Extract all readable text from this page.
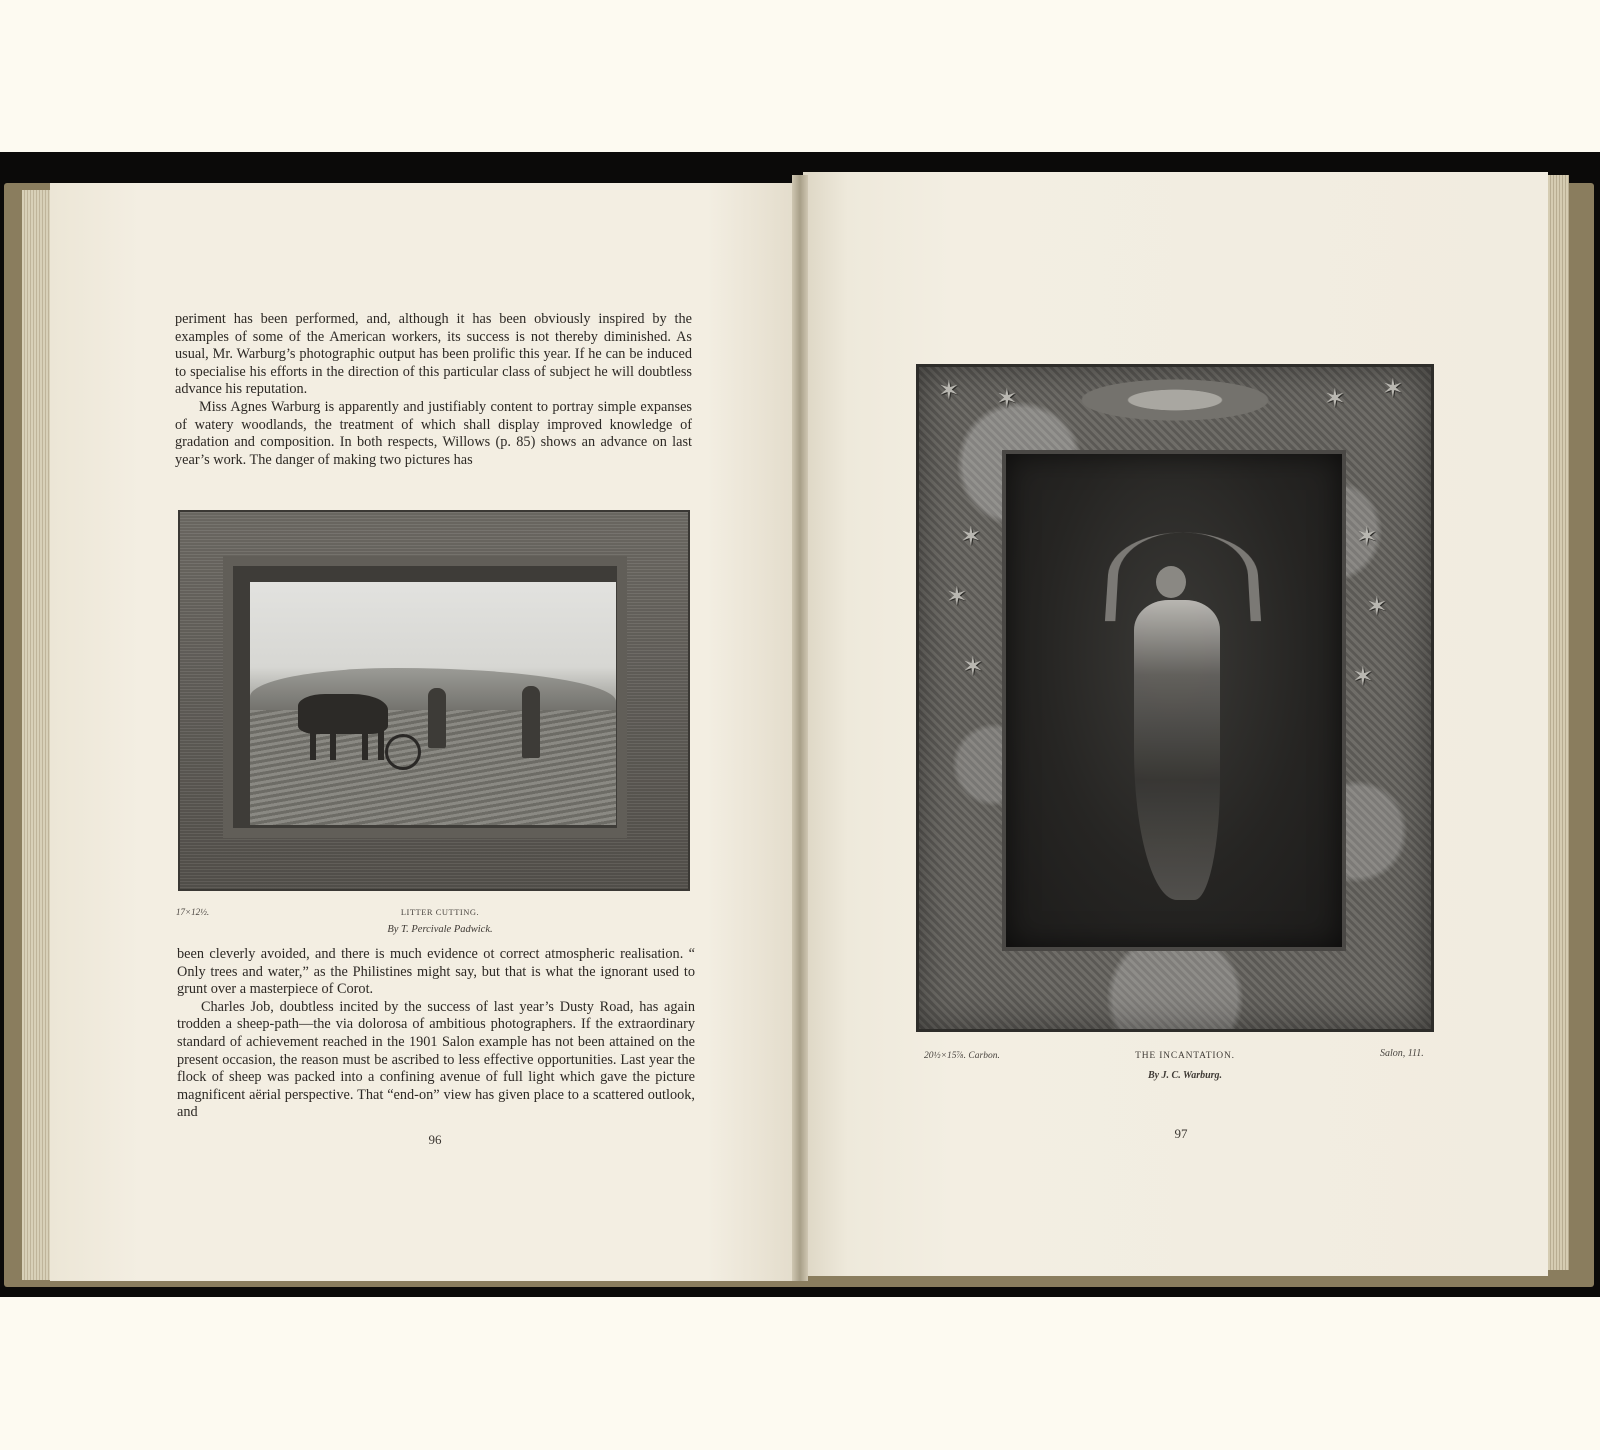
periment has been performed, and, although it has been obviously inspired by the examples of some of the American workers, its success is not thereby diminished. As usual, Mr. Warburg’s photographic output has been prolific this year. If he can be induced to specialise his efforts in the direction of this particular class of subject he will doubtless advance his reputation.

Miss Agnes Warburg is apparently and justifiably content to portray simple expanses of watery woodlands, the treatment of which shall display improved knowledge of gradation and composition. In both respects, Willows (p. 85) shows an advance on last year’s work. The danger of making two pictures has

17×12½.	LITTER CUTTING.
By T. Percivale Padwick.

been cleverly avoided, and there is much evidence ot correct atmospheric realisation. “ Only trees and water,” as the Philistines might say, but that is what the ignorant used to grunt over a masterpiece of Corot.

Charles Job, doubtless incited by the success of last year’s Dusty Road, has again trodden a sheep-path—the via dolorosa of ambitious photographers. If the extraordinary standard of achievement reached in the 1901 Salon example has not been attained on the present occasion, the reason must be ascribed to less effective opportunities. Last year the flock of sheep was packed into a confining avenue of full light which gave the picture magnificent aërial perspective. That “end-on” view has given place to a scattered outlook, and

96
✶ ✶	✶ ✶
✶	✶
✶	✶
✶	✶
20½×15⅞. Carbon.	THE INCANTATION.	Salon, 111.
By J. C. Warburg.
97
